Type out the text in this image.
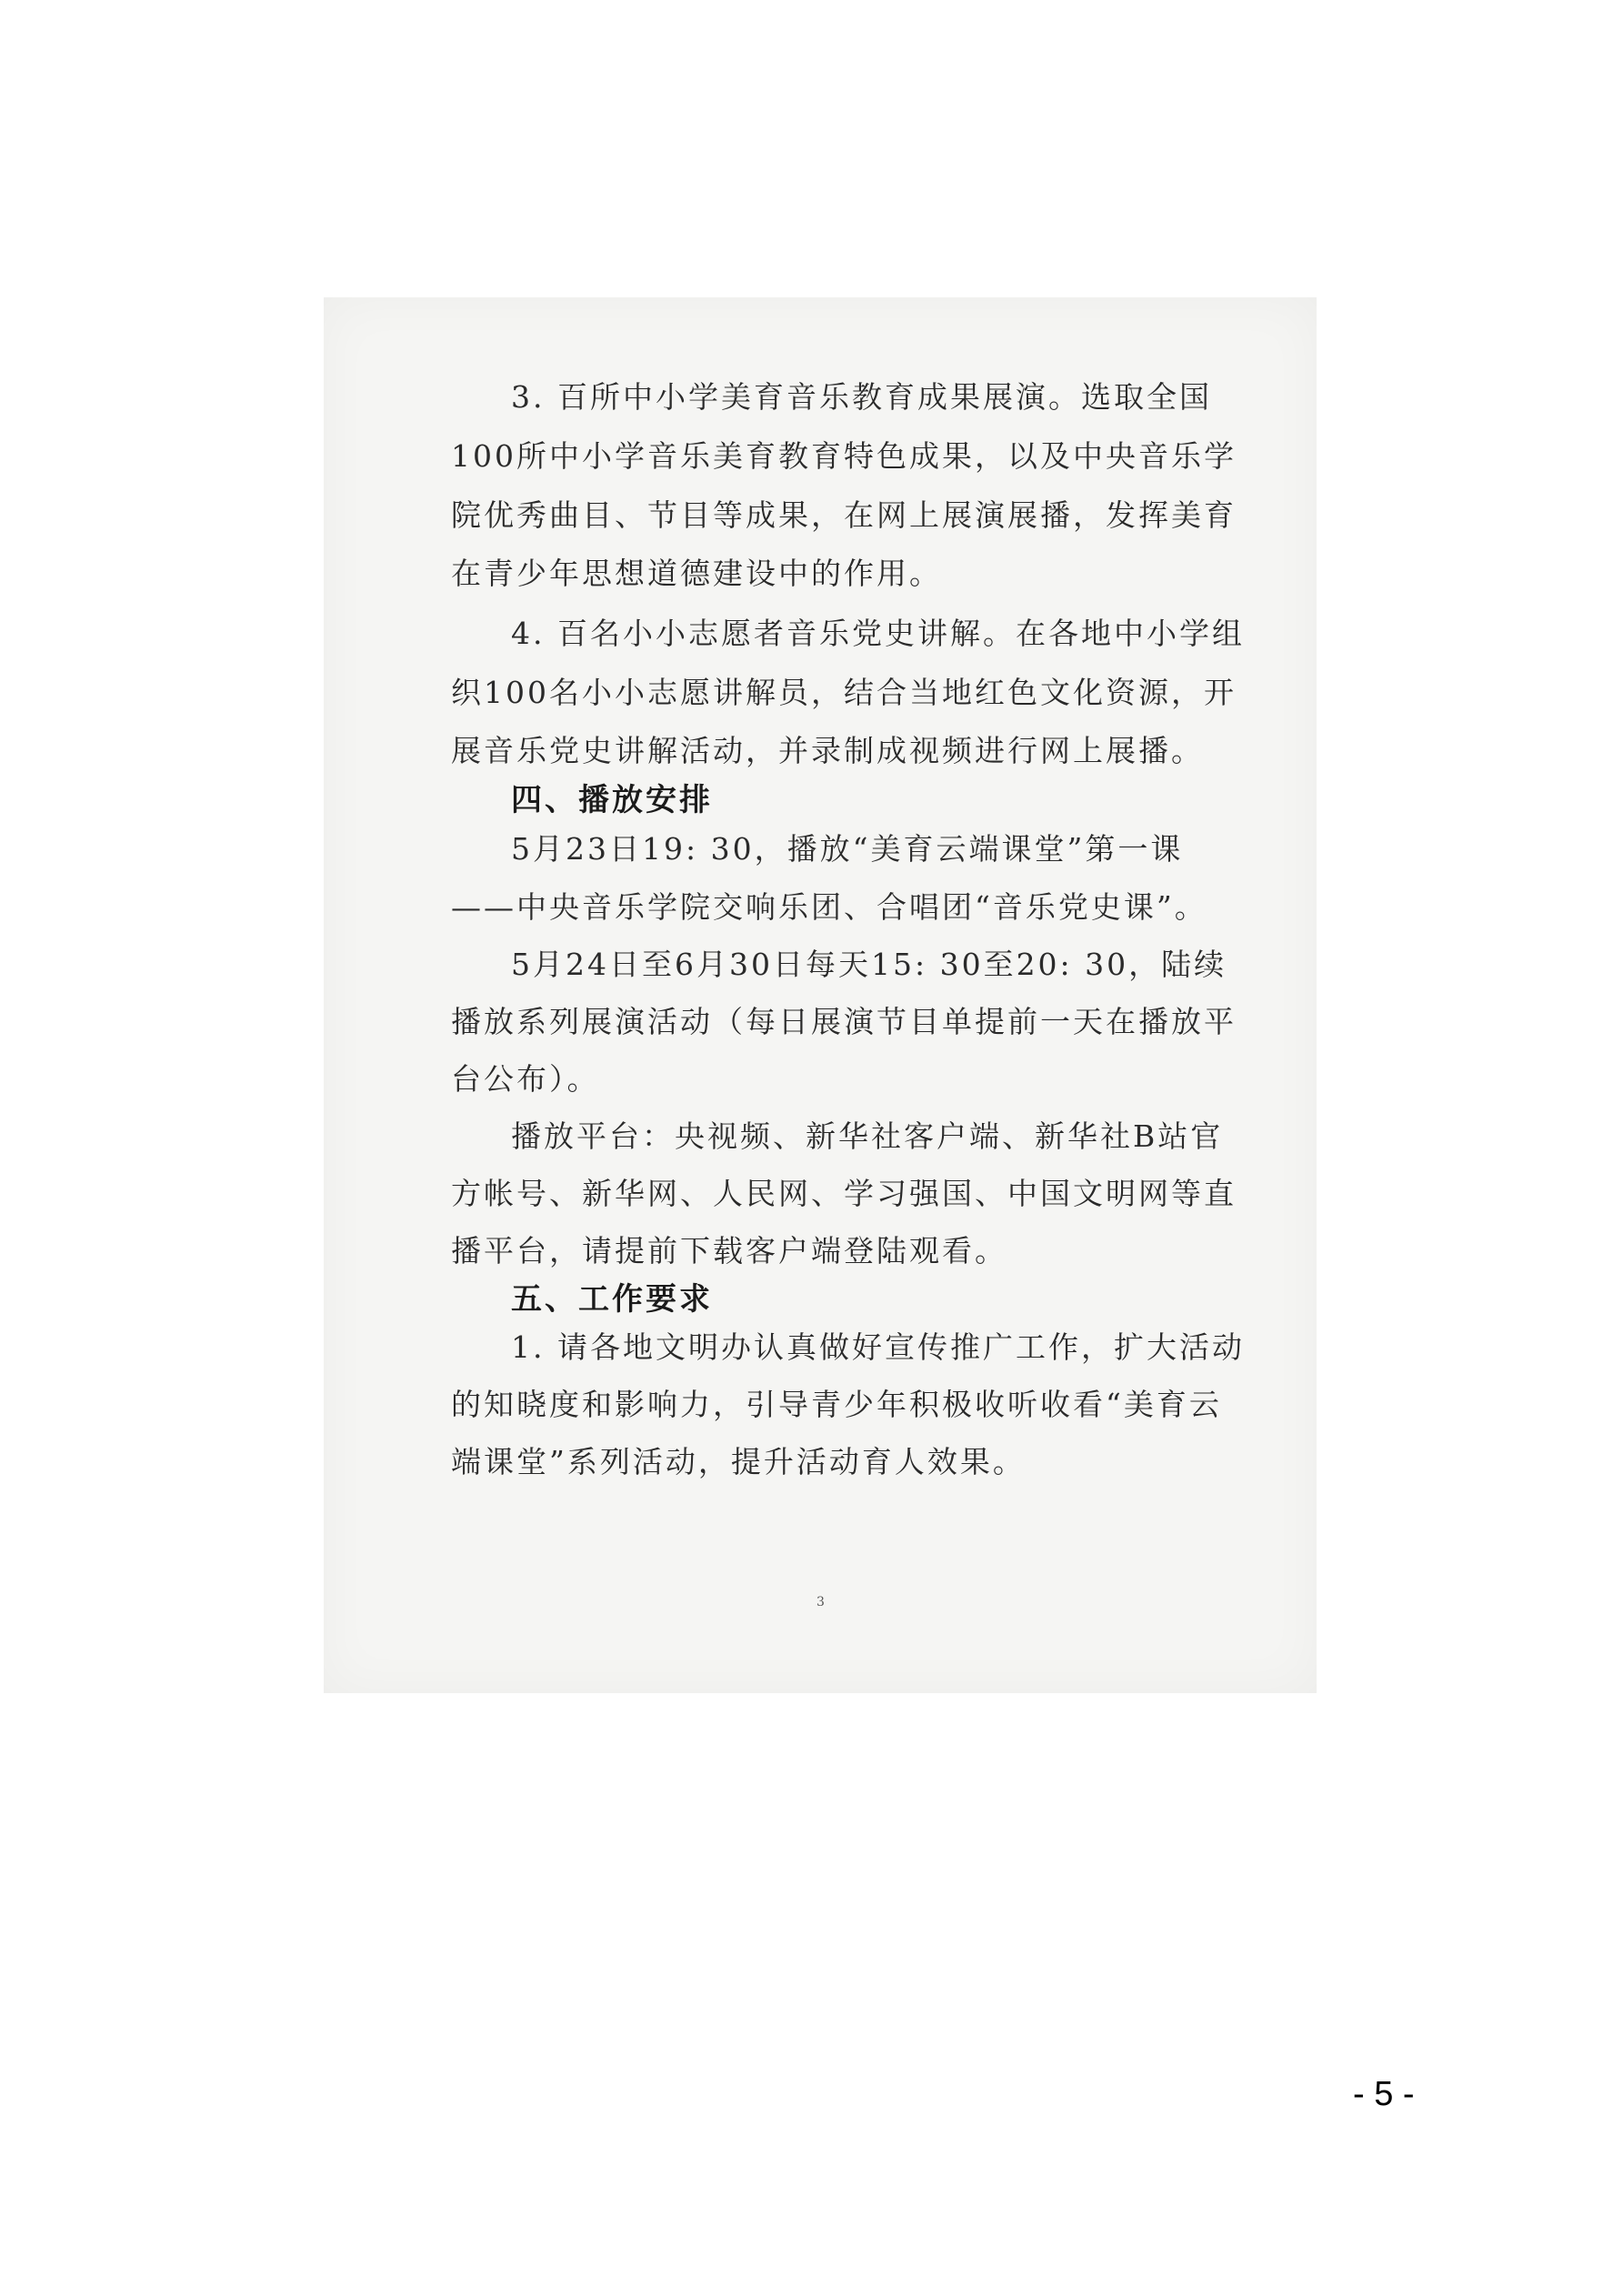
3. 百所中小学美育音乐教育成果展演。选取全国
100所中小学音乐美育教育特色成果，以及中央音乐学
院优秀曲目、节目等成果，在网上展演展播，发挥美育
在青少年思想道德建设中的作用。
4. 百名小小志愿者音乐党史讲解。在各地中小学组
织100名小小志愿讲解员，结合当地红色文化资源，开
展音乐党史讲解活动，并录制成视频进行网上展播。
四、播放安排
5月23日19: 30，播放“美育云端课堂”第一课
——中央音乐学院交响乐团、合唱团“音乐党史课”。
5月24日至6月30日每天15: 30至20: 30，陆续
播放系列展演活动（每日展演节目单提前一天在播放平
台公布）。
播放平台：央视频、新华社客户端、新华社B站官
方帐号、新华网、人民网、学习强国、中国文明网等直
播平台，请提前下载客户端登陆观看。
五、工作要求
1. 请各地文明办认真做好宣传推广工作，扩大活动
的知晓度和影响力，引导青少年积极收听收看“美育云
端课堂”系列活动，提升活动育人效果。
3
- 5 -
